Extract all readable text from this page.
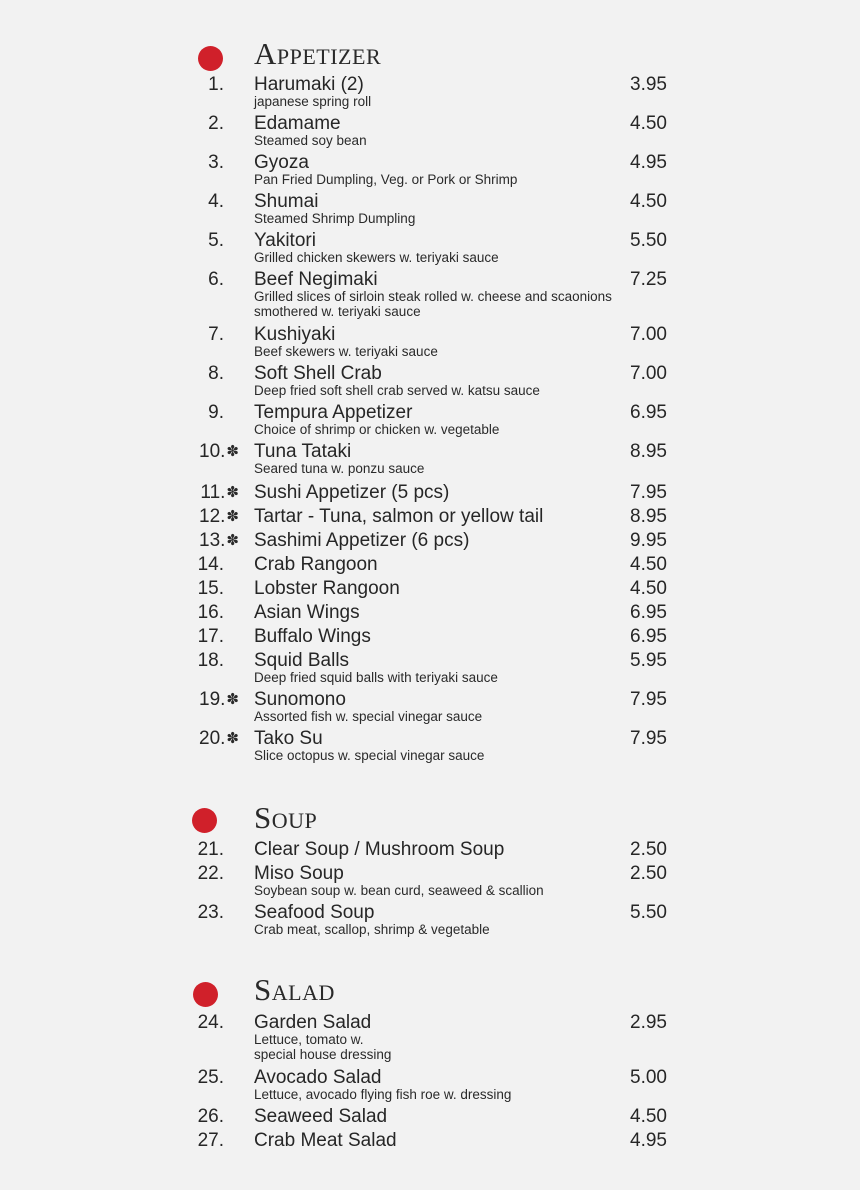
Appetizer
1. Harumaki (2)	3.95
japanese spring roll
2. Edamame	4.50
Steamed soy bean
3. Gyoza	4.95
Pan Fried Dumpling, Veg. or Pork or Shrimp
4. Shumai	4.50
Steamed Shrimp Dumpling
5. Yakitori	5.50
Grilled chicken skewers w. teriyaki sauce
6. Beef Negimaki	7.25
Grilled slices of sirloin steak rolled w. cheese and scaonions
smothered w. teriyaki sauce
7. Kushiyaki	7.00
Beef skewers w. teriyaki sauce
8. Soft Shell Crab	7.00
Deep fried soft shell crab served w. katsu sauce
9. Tempura Appetizer	6.95
Choice of shrimp or chicken w. vegetable
10. ✽ Tuna Tataki	8.95
Seared tuna w. ponzu sauce
11. ✽ Sushi Appetizer (5 pcs)	7.95
12. ✽ Tartar - Tuna, salmon or yellow tail	8.95
13. ✽ Sashimi Appetizer (6 pcs)	9.95
14. Crab Rangoon	4.50
15. Lobster Rangoon	4.50
16. Asian Wings	6.95
17. Buffalo Wings	6.95
18. Squid Balls	5.95
Deep fried squid balls with teriyaki sauce
19. ✽ Sunomono	7.95
Assorted fish w. special vinegar sauce
20. ✽ Tako Su	7.95
Slice octopus w. special vinegar sauce
Soup
21. Clear Soup / Mushroom Soup	2.50
22. Miso Soup	2.50
Soybean soup w. bean curd, seaweed & scallion
23. Seafood Soup	5.50
Crab meat, scallop, shrimp & vegetable
Salad
24. Garden Salad	2.95
Lettuce, tomato w.
special house dressing
25. Avocado Salad	5.00
Lettuce, avocado flying fish roe w. dressing
26. Seaweed Salad	4.50
27. Crab Meat Salad	4.95
